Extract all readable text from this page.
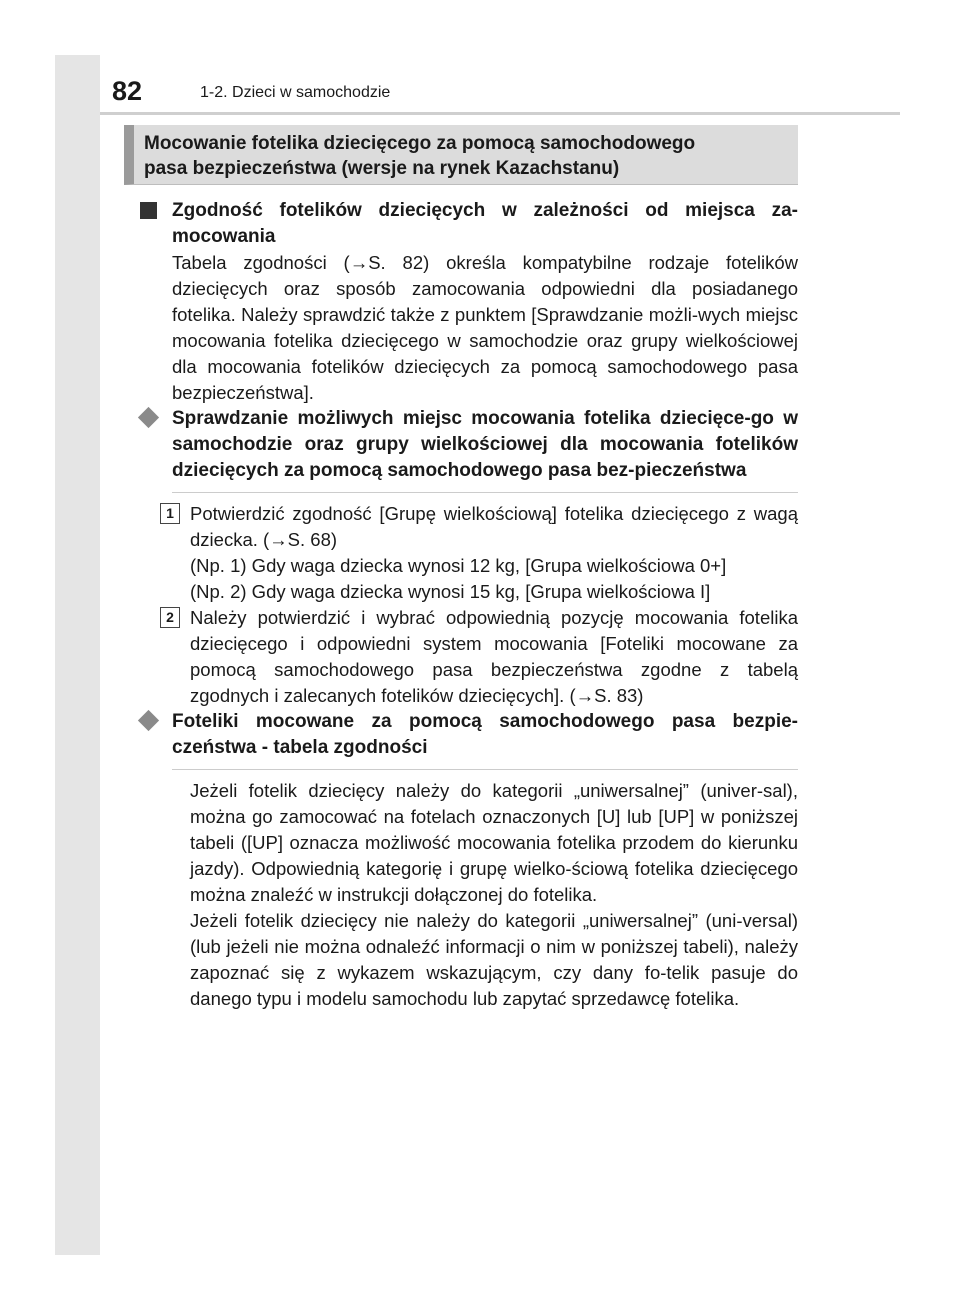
82	1-2. Dzieci w samochodzie
Mocowanie fotelika dziecięcego za pomocą samochodowego
pasa bezpieczeństwa (wersje na rynek Kazachstanu)

Zgodność fotelików dziecięcych w zależności od miejsca za-mocowania

Tabela zgodności (→S. 82) określa kompatybilne rodzaje fotelików dziecięcych oraz sposób zamocowania odpowiedni dla posiadanego fotelika. Należy sprawdzić także z punktem [Sprawdzanie możli-wych miejsc mocowania fotelika dziecięcego w samochodzie oraz grupy wielkościowej dla mocowania fotelików dziecięcych za pomocą samochodowego pasa bezpieczeństwa].

Sprawdzanie możliwych miejsc mocowania fotelika dziecięce-go w samochodzie oraz grupy wielkościowej dla mocowania fotelików dziecięcych za pomocą samochodowego pasa bez-pieczeństwa

1 Potwierdzić zgodność [Grupę wielkościową] fotelika dziecięcego z wagą dziecka. (→S. 68)

(Np. 1) Gdy waga dziecka wynosi 12 kg, [Grupa wielkościowa 0+]

(Np. 2) Gdy waga dziecka wynosi 15 kg, [Grupa wielkościowa I]

2 Należy potwierdzić i wybrać odpowiednią pozycję mocowania fotelika dziecięcego i odpowiedni system mocowania [Foteliki mocowane za pomocą samochodowego pasa bezpieczeństwa zgodne z tabelą zgodnych i zalecanych fotelików dziecięcych]. (→S. 83)

Foteliki mocowane za pomocą samochodowego pasa bezpie-czeństwa - tabela zgodności

Jeżeli fotelik dziecięcy należy do kategorii „uniwersalnej” (univer-sal), można go zamocować na fotelach oznaczonych [U] lub [UP] w poniższej tabeli ([UP] oznacza możliwość mocowania fotelika przodem do kierunku jazdy). Odpowiednią kategorię i grupę wielko-ściową fotelika dziecięcego można znaleźć w instrukcji dołączonej do fotelika.

Jeżeli fotelik dziecięcy nie należy do kategorii „uniwersalnej” (uni-versal) (lub jeżeli nie można odnaleźć informacji o nim w poniższej tabeli), należy zapoznać się z wykazem wskazującym, czy dany fo-telik pasuje do danego typu i modelu samochodu lub zapytać sprzedawcę fotelika.
